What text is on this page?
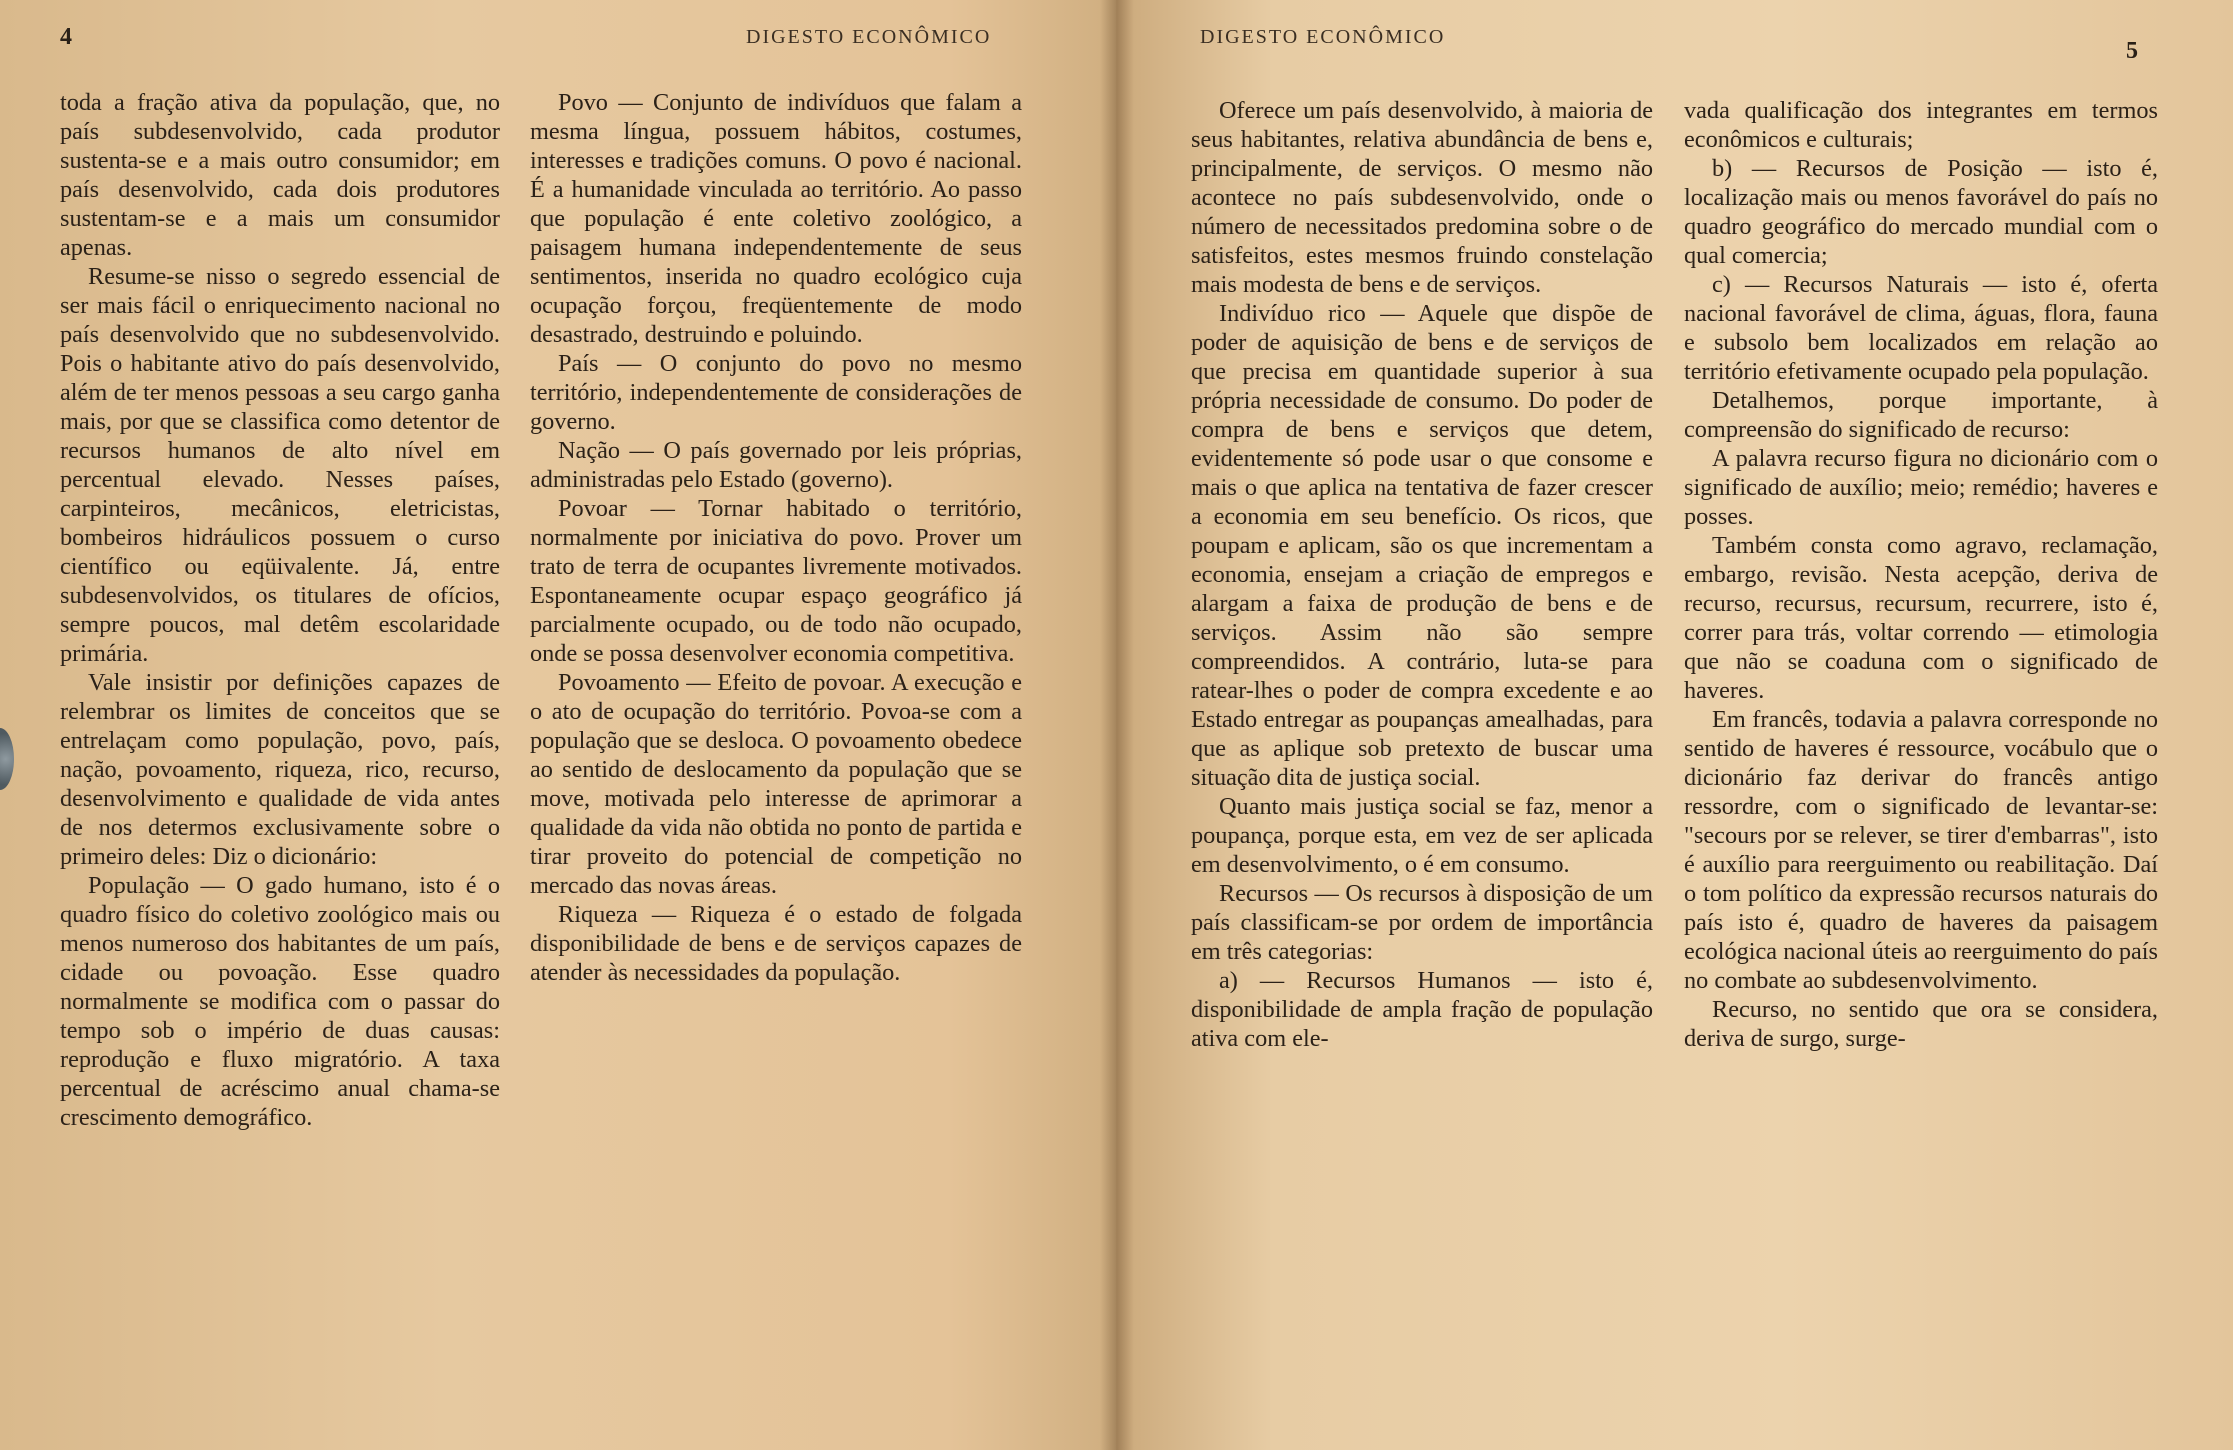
4	DIGESTO ECONÔMICO

toda a fração ativa da população, que, no país subdesenvolvido, cada produtor sustenta-se e a mais outro consumidor; em país desenvolvido, cada dois produtores sustentam-se e a mais um consumidor apenas.

Resume-se nisso o segredo essencial de ser mais fácil o enriquecimento nacional no país desenvolvido que no subdesenvolvido. Pois o habitante ativo do país desenvolvido, além de ter menos pessoas a seu cargo ganha mais, por que se classifica como detentor de recursos humanos de alto nível em percentual elevado. Nesses países, carpinteiros, mecânicos, eletricistas, bombeiros hidráulicos possuem o curso científico ou eqüivalente. Já, entre subdesenvolvidos, os titulares de ofícios, sempre poucos, mal detêm escolaridade primária.

Vale insistir por definições capazes de relembrar os limites de conceitos que se entrelaçam como população, povo, país, nação, povoamento, riqueza, rico, recurso, desenvolvimento e qualidade de vida antes de nos determos exclusivamente sobre o primeiro deles: Diz o dicionário:

População — O gado humano, isto é o quadro físico do coletivo zoológico mais ou menos numeroso dos habitantes de um país, cidade ou povoação. Esse quadro normalmente se modifica com o passar do tempo sob o império de duas causas: reprodução e fluxo migratório. A taxa percentual de acréscimo anual chama-se crescimento demográfico.

Povo — Conjunto de indivíduos que falam a mesma língua, possuem hábitos, costumes, interesses e tradições comuns. O povo é nacional. É a humanidade vinculada ao território. Ao passo que população é ente coletivo zoológico, a paisagem humana independentemente de seus sentimentos, inserida no quadro ecológico cuja ocupação forçou, freqüentemente de modo desastrado, destruindo e poluindo.

País — O conjunto do povo no mesmo território, independentemente de considerações de governo.

Nação — O país governado por leis próprias, administradas pelo Estado (governo).

Povoar — Tornar habitado o território, normalmente por iniciativa do povo. Prover um trato de terra de ocupantes livremente motivados. Espontaneamente ocupar espaço geográfico já parcialmente ocupado, ou de todo não ocupado, onde se possa desenvolver economia competitiva.

Povoamento — Efeito de povoar. A execução e o ato de ocupação do território. Povoa-se com a população que se desloca. O povoamento obedece ao sentido de deslocamento da população que se move, motivada pelo interesse de aprimorar a qualidade da vida não obtida no ponto de partida e tirar proveito do potencial de competição no mercado das novas áreas.

Riqueza — Riqueza é o estado de folgada disponibilidade de bens e de serviços capazes de atender às necessidades da população.

DIGESTO ECONÔMICO
5

Oferece um país desenvolvido, à maioria de seus habitantes, relativa abundância de bens e, principalmente, de serviços. O mesmo não acontece no país subdesenvolvido, onde o número de necessitados predomina sobre o de satisfeitos, estes mesmos fruindo constelação mais modesta de bens e de serviços.

Indivíduo rico — Aquele que dispõe de poder de aquisição de bens e de serviços de que precisa em quantidade superior à sua própria necessidade de consumo. Do poder de compra de bens e serviços que detem, evidentemente só pode usar o que consome e mais o que aplica na tentativa de fazer crescer a economia em seu benefício. Os ricos, que poupam e aplicam, são os que incrementam a economia, ensejam a criação de empregos e alargam a faixa de produção de bens e de serviços. Assim não são sempre compreendidos. A contrário, luta-se para ratear-lhes o poder de compra excedente e ao Estado entregar as poupanças amealhadas, para que as aplique sob pretexto de buscar uma situação dita de justiça social.

Quanto mais justiça social se faz, menor a poupança, porque esta, em vez de ser aplicada em desenvolvimento, o é em consumo.

Recursos — Os recursos à disposição de um país classificam-se por ordem de importância em três categorias:

a) — Recursos Humanos — isto é, disponibilidade de ampla fração de população ativa com ele-

vada qualificação dos integrantes em termos econômicos e culturais;

b) — Recursos de Posição — isto é, localização mais ou menos favorável do país no quadro geográfico do mercado mundial com o qual comercia;

c) — Recursos Naturais — isto é, oferta nacional favorável de clima, águas, flora, fauna e subsolo bem localizados em relação ao território efetivamente ocupado pela população.

Detalhemos, porque importante, à compreensão do significado de recurso:

A palavra recurso figura no dicionário com o significado de auxílio; meio; remédio; haveres e posses.

Também consta como agravo, reclamação, embargo, revisão. Nesta acepção, deriva de recurso, recursus, recursum, recurrere, isto é, correr para trás, voltar correndo — etimologia que não se coaduna com o significado de haveres.

Em francês, todavia a palavra corresponde no sentido de haveres é ressource, vocábulo que o dicionário faz derivar do francês antigo ressordre, com o significado de levantar-se: "secours por se relever, se tirer d'embarras", isto é auxílio para reerguimento ou reabilitação. Daí o tom político da expressão recursos naturais do país isto é, quadro de haveres da paisagem ecológica nacional úteis ao reerguimento do país no combate ao subdesenvolvimento.

Recurso, no sentido que ora se considera, deriva de surgo, surge-
